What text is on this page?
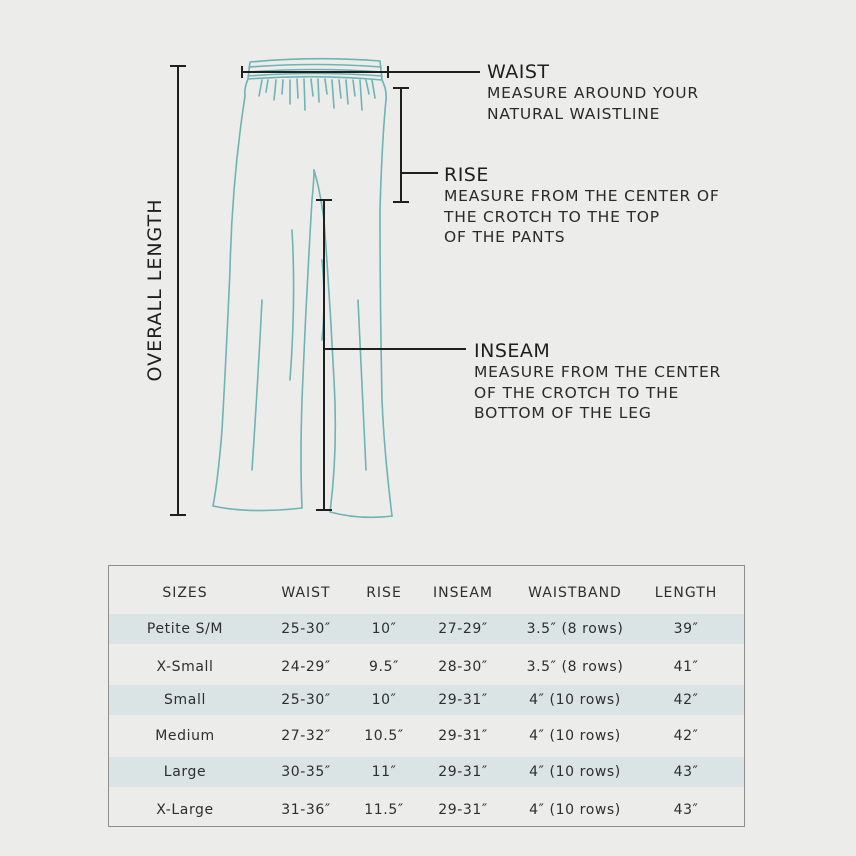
WAIST
MEASURE AROUND YOUR
NATURAL WAISTLINE
RISE
MEASURE FROM THE CENTER OF
THE CROTCH TO THE TOP
OF THE PANTS
INSEAM
MEASURE FROM THE CENTER
OF THE CROTCH TO THE
BOTTOM OF THE LEG
OVERALL LENGTH
SIZES	WAIST	RISE INSEAM	WAISTBAND LENGTH
Petite S/M	25-30″	10″	27-29″	3.5″ (8 rows)	39″
X-Small	24-29″	9.5″	28-30″	3.5″ (8 rows)	41″
Small	25-30″	10″	29-31″	4″ (10 rows)	42″
Medium	27-32″ 10.5″ 29-31″	4″ (10 rows)	42″
Large	30-35″	11″	29-31″	4″ (10 rows)	43″
X-Large	31-36″ 11.5″ 29-31″	4″ (10 rows)	43″
